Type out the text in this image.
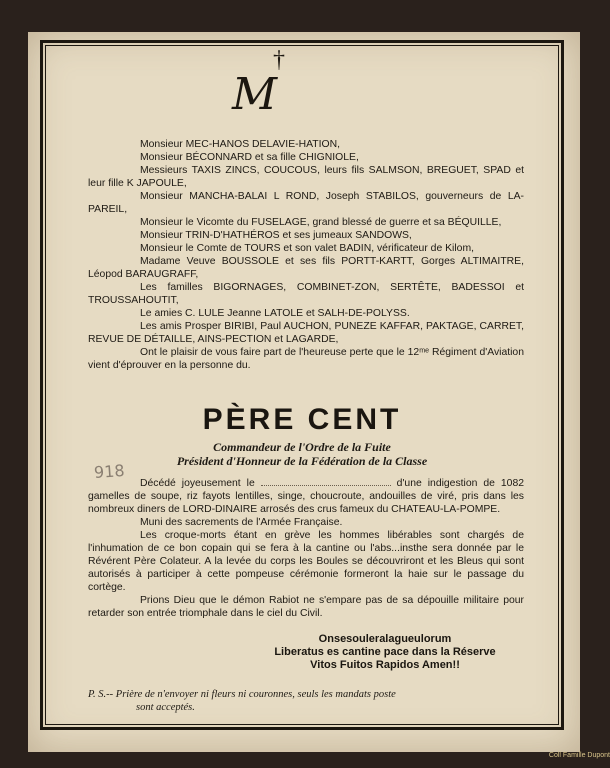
†
M

Monsieur MEC-HANOS DELAVIE-HATION,

Monsieur BÉCONNARD et sa fille CHIGNIOLE,

Messieurs TAXIS ZINCS, COUCOUS, leurs fils SALMSON, BREGUET, SPAD et leur fille K JAPOULE,

Monsieur MANCHA-BALAI L ROND, Joseph STABILOS, gouverneurs de LA-PAREIL,

Monsieur le Vicomte du FUSELAGE, grand blessé de guerre et sa BÉQUILLE,

Monsieur TRIN-D'HATHÉROS et ses jumeaux SANDOWS,

Monsieur le Comte de TOURS et son valet BADIN, vérificateur de Kilom,

Madame Veuve BOUSSOLE et ses fils PORTT-KARTT, Gorges ALTIMAITRE, Léopod BARAUGRAFF,

Les familles BIGORNAGES, COMBINET-ZON, SERTÊTE, BADESSOI et TROUSSAHOUTIT,

Le amies C. LULE Jeanne LATOLE et SALH-DE-POLYSS.

Les amis Prosper BIRIBI, Paul AUCHON, PUNEZE KAFFAR, PAKTAGE, CARRET, REVUE DE DÉTAILLE, AINS-PECTION et LAGARDE,

Ont le plaisir de vous faire part de l'heureuse perte que le 12ᵐᵉ Régiment d'Aviation vient d'éprouver en la personne du.

PÈRE CENT
Commandeur de l'Ordre de la Fuite
Président d'Honneur de la Fédération de la Classe
918

Décédé joyeusement le	d'une indigestion de 1082 gamelles de soupe, riz fayots lentilles, singe, choucroute, andouilles de viré, pris dans les nombreux diners de LORD-DINAIRE arrosés des crus fameux du CHATEAU-LA-POMPE.

Muni des sacrements de l'Armée Française.

Les croque-morts étant en grève les hommes libérables sont chargés de l'inhumation de ce bon copain qui se fera à la cantine ou l'abs...insthe sera donnée par le Révérent Père Colateur. A la levée du corps les Boules se découvriront et les Bleus qui sont autorisés à participer à cette pompeuse cérémonie formeront la haie sur le passage du cortège.

Prions Dieu que le démon Rabiot ne s'empare pas de sa dépouille militaire pour retarder son entrée triomphale dans le ciel du Civil.

Onsesouleralagueulorum
Liberatus es cantine pace dans la Réserve
Vitos Fuitos Rapidos Amen!!
P. S.-- Prière de n'envoyer ni fleurs ni couronnes, seuls les mandats poste
sont acceptés.
Coll Famille Dupont
